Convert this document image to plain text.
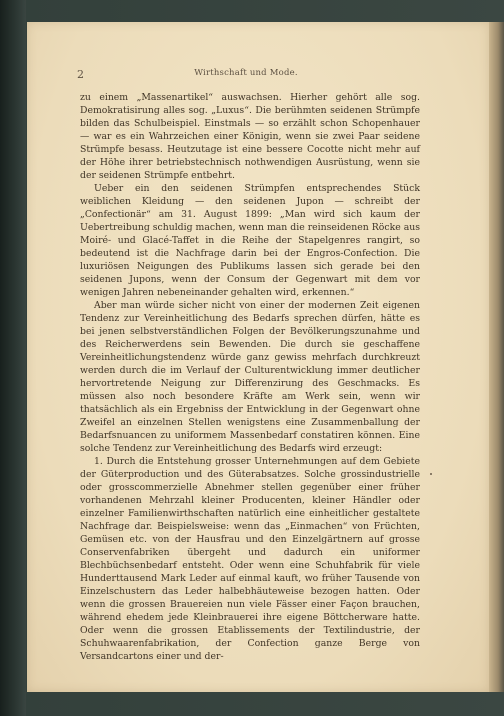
2	Wirthschaft und Mode.

zu einem „Massenartikel“ auswachsen. Hierher gehört alle sog. Demokratisirung alles sog. „Luxus“. Die berühmten seidenen Strümpfe bilden das Schulbeispiel. Einstmals — so erzählt schon Schopenhauer — war es ein Wahrzeichen einer Königin, wenn sie zwei Paar seidene Strümpfe besass. Heutzutage ist eine bessere Cocotte nicht mehr auf der Höhe ihrer betriebstechnisch nothwendigen Ausrüstung, wenn sie der seidenen Strümpfe entbehrt.

Ueber ein den seidenen Strümpfen entsprechendes Stück weiblichen Kleidung — den seidenen Jupon — schreibt der „Confectionär“ am 31. August 1899: „Man wird sich kaum der Uebertreibung schuldig machen, wenn man die reinseidenen Röcke aus Moiré- und Glacé-Taffet in die Reihe der Stapelgenres rangirt, so bedeutend ist die Nachfrage darin bei der Engros-Confection. Die luxuriösen Neigungen des Publikums lassen sich gerade bei den seidenen Jupons, wenn der Consum der Gegenwart mit dem vor wenigen Jahren nebeneinander gehalten wird, erkennen.“

Aber man würde sicher nicht von einer der modernen Zeit eigenen Tendenz zur Vereinheitlichung des Bedarfs sprechen dürfen, hätte es bei jenen selbstverständlichen Folgen der Bevölkerungszunahme und des Reicherwerdens sein Bewenden. Die durch sie geschaffene Vereinheitlichungstendenz würde ganz gewiss mehrfach durchkreuzt werden durch die im Verlauf der Culturentwicklung immer deutlicher hervortretende Neigung zur Differenzirung des Geschmacks. Es müssen also noch besondere Kräfte am Werk sein, wenn wir thatsächlich als ein Ergebniss der Entwicklung in der Gegenwart ohne Zweifel an einzelnen Stellen wenigstens eine Zusammenballung der Bedarfsnuancen zu uniformem Massenbedarf constatiren können. Eine solche Tendenz zur Vereinheitlichung des Bedarfs wird erzeugt:

1. Durch die Entstehung grosser Unternehmungen auf dem Gebiete der Güterproduction und des Güterabsatzes. Solche grossindustrielle oder grosscommerzielle Abnehmer stellen gegenüber einer früher vorhandenen Mehrzahl kleiner Producenten, kleiner Händler oder einzelner Familienwirthschaften natürlich eine einheitlicher gestaltete Nachfrage dar. Beispielsweise: wenn das „Einmachen“ von Früchten, Gemüsen etc. von der Hausfrau und den Einzelgärtnern auf grosse Conservenfabriken übergeht und dadurch ein uniformer Blechbüchsenbedarf entsteht. Oder wenn eine Schuhfabrik für viele Hunderttausend Mark Leder auf einmal kauft, wo früher Tausende von Einzelschustern das Leder halbebhäuteweise bezogen hatten. Oder wenn die grossen Brauereien nun viele Fässer einer Façon brauchen, während ehedem jede Kleinbrauerei ihre eigene Böttcherware hatte. Oder wenn die grossen Etablissements der Textilindustrie, der Schuhwaarenfabrikation, der Confection ganze Berge von Versandcartons einer und der-
